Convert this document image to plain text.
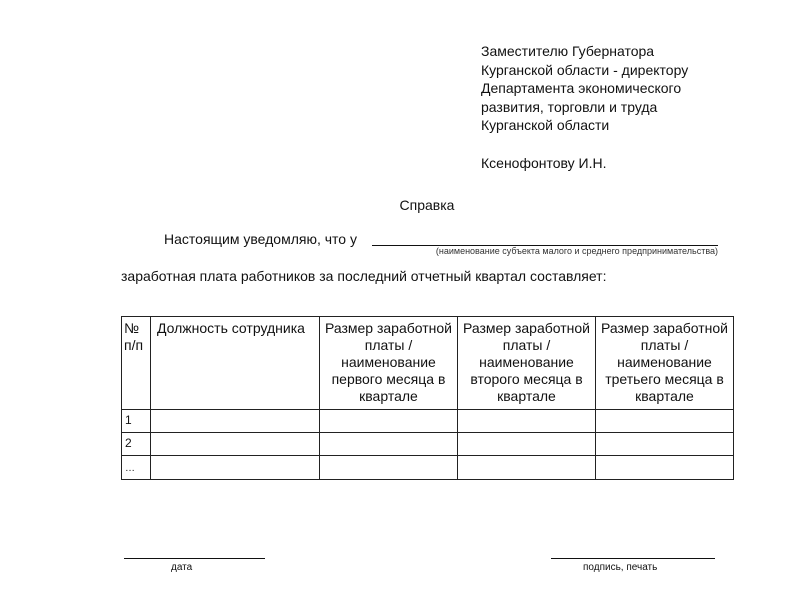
Заместителю Губернатора
Курганской области - директору
Департамента экономического
развития, торговли и труда
Курганской области
Ксенофонтову И.Н.
Справка
Настоящим уведомляю, что у
(наименование субъекта малого и среднего предпринимательства)
заработная плата работников за последний отчетный квартал составляет:
№ п/п	Должность сотрудника	Размер заработной платы / наименование первого месяца в квартале	Размер заработной платы / наименование второго месяца в квартале	Размер заработной платы / наименование третьего месяца в квартале
1				
2				
…				
дата	подпись, печать
